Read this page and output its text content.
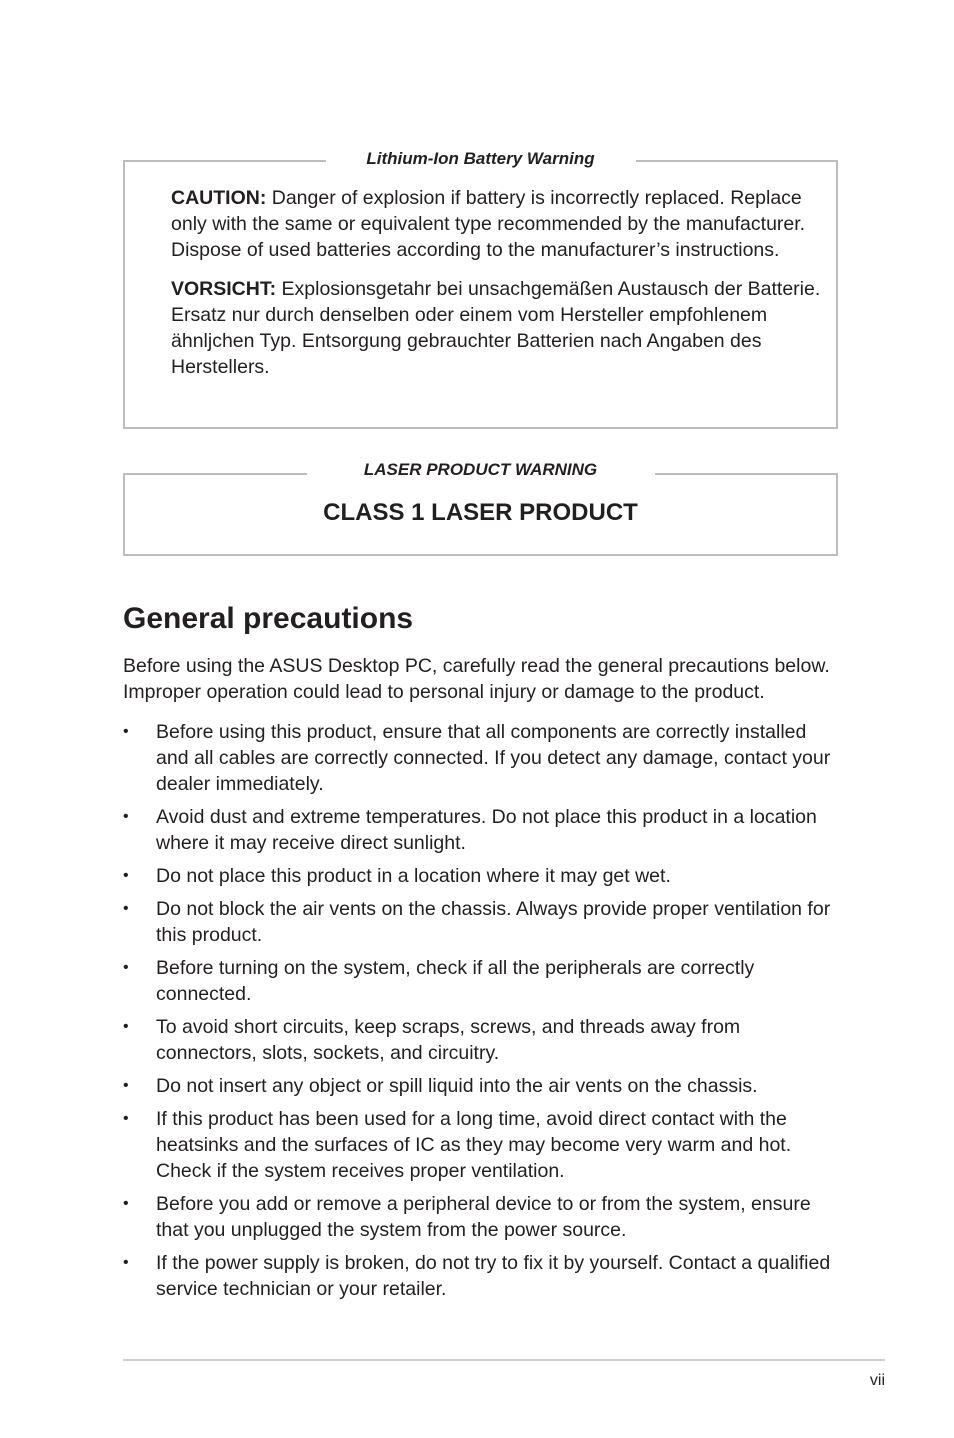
Lithium-Ion Battery Warning

CAUTION: Danger of explosion if battery is incorrectly replaced. Replace only with the same or equivalent type recommended by the manufacturer. Dispose of used batteries according to the manufacturer’s instructions.

VORSICHT: Explosionsgetahr bei unsachgemäßen Austausch der Batterie. Ersatz nur durch denselben oder einem vom Hersteller empfohlenem ähnljchen Typ. Entsorgung gebrauchter Batterien nach Angaben des Herstellers.

LASER PRODUCT WARNING
CLASS 1 LASER PRODUCT
General precautions

Before using the ASUS Desktop PC, carefully read the general precautions below. Improper operation could lead to personal injury or damage to the product.

• Before using this product, ensure that all components are correctly installed and all cables are correctly connected. If you detect any damage, contact your dealer immediately.
• Avoid dust and extreme temperatures. Do not place this product in a location where it may receive direct sunlight.
• Do not place this product in a location where it may get wet.
• Do not block the air vents on the chassis. Always provide proper ventilation for this product.
• Before turning on the system, check if all the peripherals are correctly connected.
• To avoid short circuits, keep scraps, screws, and threads away from connectors, slots, sockets, and circuitry.
• Do not insert any object or spill liquid into the air vents on the chassis.
• If this product has been used for a long time, avoid direct contact with the heatsinks and the surfaces of IC as they may become very warm and hot. Check if the system receives proper ventilation.
• Before you add or remove a peripheral device to or from the system, ensure that you unplugged the system from the power source.
• If the power supply is broken, do not try to fix it by yourself. Contact a qualified service technician or your retailer.
vii
